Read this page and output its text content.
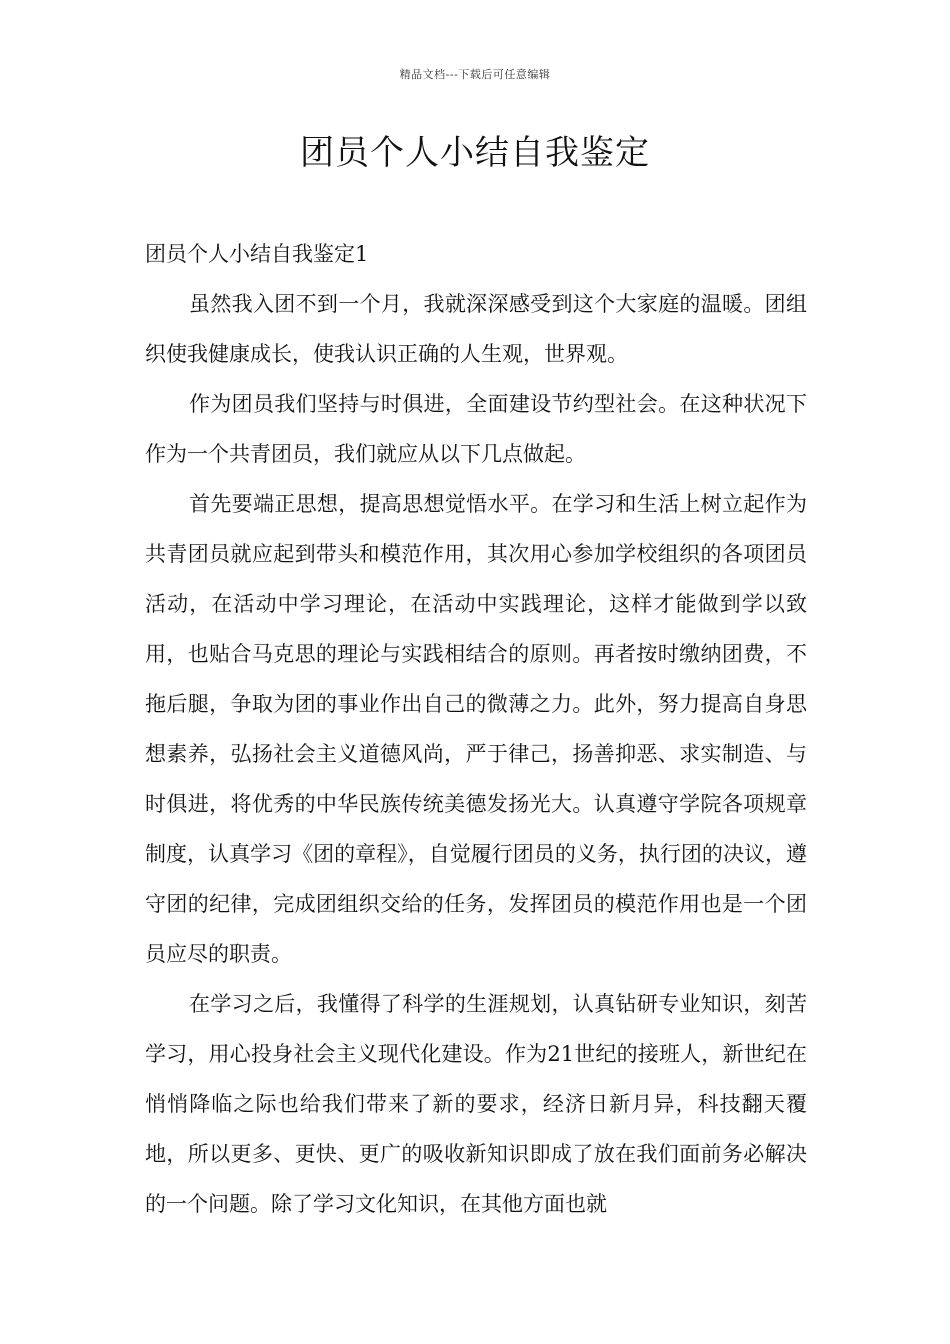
精品文档---下载后可任意编辑
团员个人小结自我鉴定

团员个人小结自我鉴定1

虽然我入团不到一个月，我就深深感受到这个大家庭的温暖。团组织使我健康成长，使我认识正确的人生观，世界观。

作为团员我们坚持与时俱进，全面建设节约型社会。在这种状况下作为一个共青团员，我们就应从以下几点做起。

首先要端正思想，提高思想觉悟水平。在学习和生活上树立起作为共青团员就应起到带头和模范作用，其次用心参加学校组织的各项团员活动，在活动中学习理论，在活动中实践理论，这样才能做到学以致用，也贴合马克思的理论与实践相结合的原则。再者按时缴纳团费，不拖后腿，争取为团的事业作出自己的微薄之力。此外，努力提高自身思想素养，弘扬社会主义道德风尚，严于律己，扬善抑恶、求实制造、与时俱进，将优秀的中华民族传统美德发扬光大。认真遵守学院各项规章制度，认真学习《团的章程》，自觉履行团员的义务，执行团的决议，遵守团的纪律，完成团组织交给的任务，发挥团员的模范作用也是一个团员应尽的职责。

在学习之后，我懂得了科学的生涯规划，认真钻研专业知识，刻苦学习，用心投身社会主义现代化建设。作为21世纪的接班人，新世纪在悄悄降临之际也给我们带来了新的要求，经济日新月异，科技翻天覆地，所以更多、更快、更广的吸收新知识即成了放在我们面前务必解决的一个问题。除了学习文化知识，在其他方面也就
